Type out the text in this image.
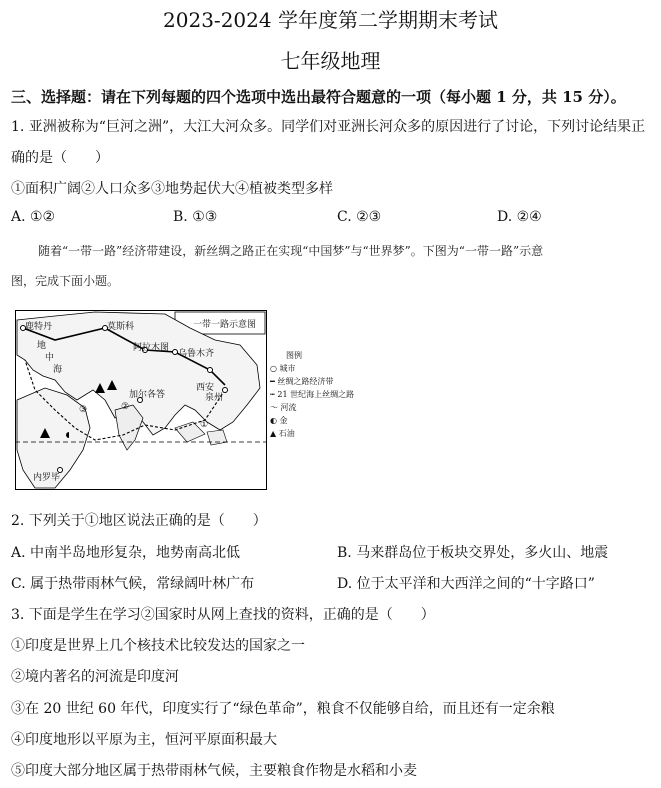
2023-2024 学年度第二学期期末考试
七年级地理
三、选择题：请在下列每题的四个选项中选出最符合题意的一项（每小题 1 分，共 15 分）。
1. 亚洲被称为“巨河之洲”，大江大河众多。同学们对亚洲长河众多的原因进行了讨论，下列讨论结果正
确的是（　　）
①面积广阔②人口众多③地势起伏大④植被类型多样
A. ①②	B. ①③	C. ②③	D. ②④
随着“一带一路”经济带建设，新丝绸之路正在实现“中国梦”与“世界梦”。下图为“一带一路”示意
图，完成下面小题。
一带一路示意图
鹿特丹	莫斯科
阿拉木图
乌鲁木齐
西安
泉州
加尔各答
内罗毕
地
中
海
①
②
③
图例
○ 城市
━ 丝绸之路经济带
┅ 21 世纪海上丝绸之路
～ 河流
◐ 金
▲ 石油
2. 下列关于①地区说法正确的是（　　）
A. 中南半岛地形复杂，地势南高北低	B. 马来群岛位于板块交界处，多火山、地震
C. 属于热带雨林气候，常绿阔叶林广布	D. 位于太平洋和大西洋之间的“十字路口”
3. 下面是学生在学习②国家时从网上查找的资料，正确的是（　　）
①印度是世界上几个核技术比较发达的国家之一
②境内著名的河流是印度河
③在 20 世纪 60 年代，印度实行了“绿色革命”，粮食不仅能够自给，而且还有一定余粮
④印度地形以平原为主，恒河平原面积最大
⑤印度大部分地区属于热带雨林气候，主要粮食作物是水稻和小麦
